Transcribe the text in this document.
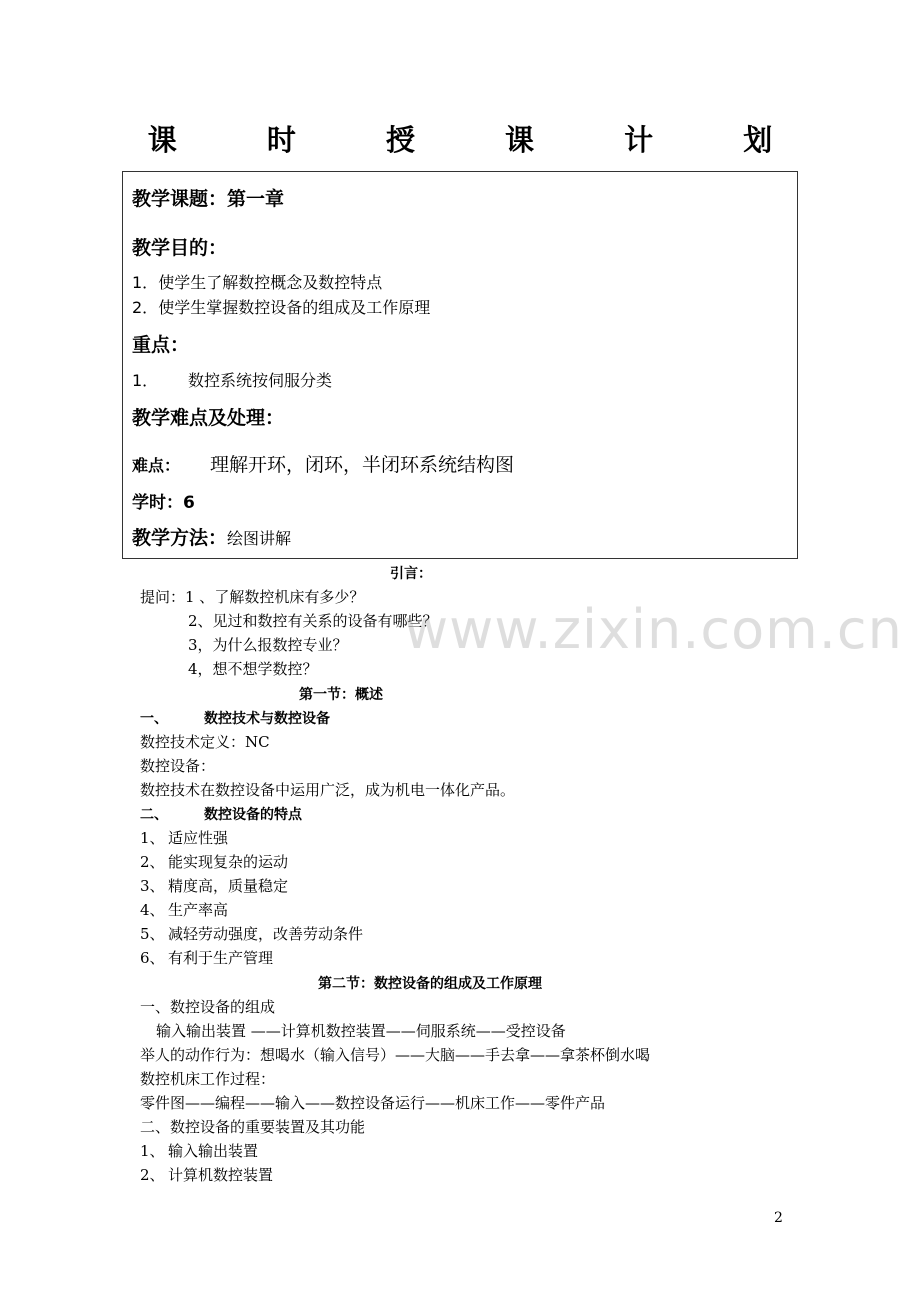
课 时 授 课 计 划
教学课题：第一章
教学目的：
1．使学生了解数控概念及数控特点
2．使学生掌握数控设备的组成及工作原理
重点：
1． 数控系统按伺服分类
教学难点及处理：
难点： 理解开环，闭环，半闭环系统结构图
学时：6
教学方法：绘图讲解
引言：
提问：1 、了解数控机床有多少？
2、见过和数控有关系的设备有哪些？
3，为什么报数控专业？
4，想不想学数控？
第一节：概述
一、	数控技术与数控设备
数控技术定义：NC
数控设备：
数控技术在数控设备中运用广泛，成为机电一体化产品。
二、	数控设备的特点
1、 适应性强
2、 能实现复杂的运动
3、 精度高，质量稳定
4、 生产率高
5、 减轻劳动强度，改善劳动条件
6、 有利于生产管理
第二节：数控设备的组成及工作原理
一、数控设备的组成
输入输出装置 ——计算机数控装置——伺服系统——受控设备
举人的动作行为：想喝水（输入信号）——大脑——手去拿——拿茶杯倒水喝
数控机床工作过程：
零件图——编程——输入——数控设备运行——机床工作——零件产品
二、数控设备的重要装置及其功能
1、 输入输出装置
2、 计算机数控装置
www.zixin.com.cn
2
